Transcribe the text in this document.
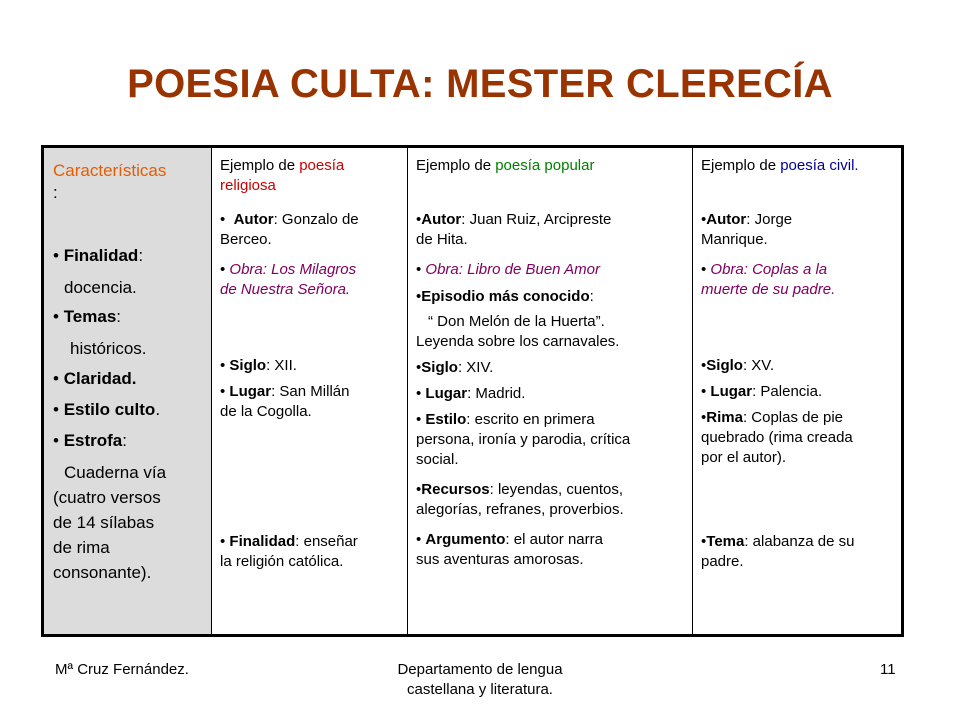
POESIA CULTA: MESTER CLERECÍA
Características
:
• Finalidad:
docencia.
• Temas:
históricos.
• Claridad.
• Estilo culto.
• Estrofa:
Cuaderna vía
(cuatro versos
de 14 sílabas
de rima
consonante).
Ejemplo de poesía
religiosa
•  Autor: Gonzalo de
Berceo.
• Obra: Los Milagros
de Nuestra Señora.
• Siglo: XII.
• Lugar: San Millán
de la Cogolla.
• Finalidad: enseñar
la religión católica.
Ejemplo de poesía popular
•Autor: Juan Ruiz, Arcipreste
de Hita.
• Obra: Libro de Buen Amor
•Episodio más conocido:
“ Don Melón de la Huerta”.
Leyenda sobre los carnavales.
•Siglo: XIV.
• Lugar: Madrid.
• Estilo: escrito en primera
persona, ironía y parodia, crítica
social.
•Recursos: leyendas, cuentos,
alegorías, refranes, proverbios.
• Argumento: el autor narra
sus aventuras amorosas.
Ejemplo de poesía civil.
•Autor: Jorge
Manrique.
• Obra: Coplas a la
muerte de su padre.
•Siglo: XV.
• Lugar: Palencia.
•Rima: Coplas de pie
quebrado (rima creada
por el autor).
•Tema: alabanza de su
padre.
Mª Cruz Fernández.	Departamento de lengua
castellana y literatura.
11
